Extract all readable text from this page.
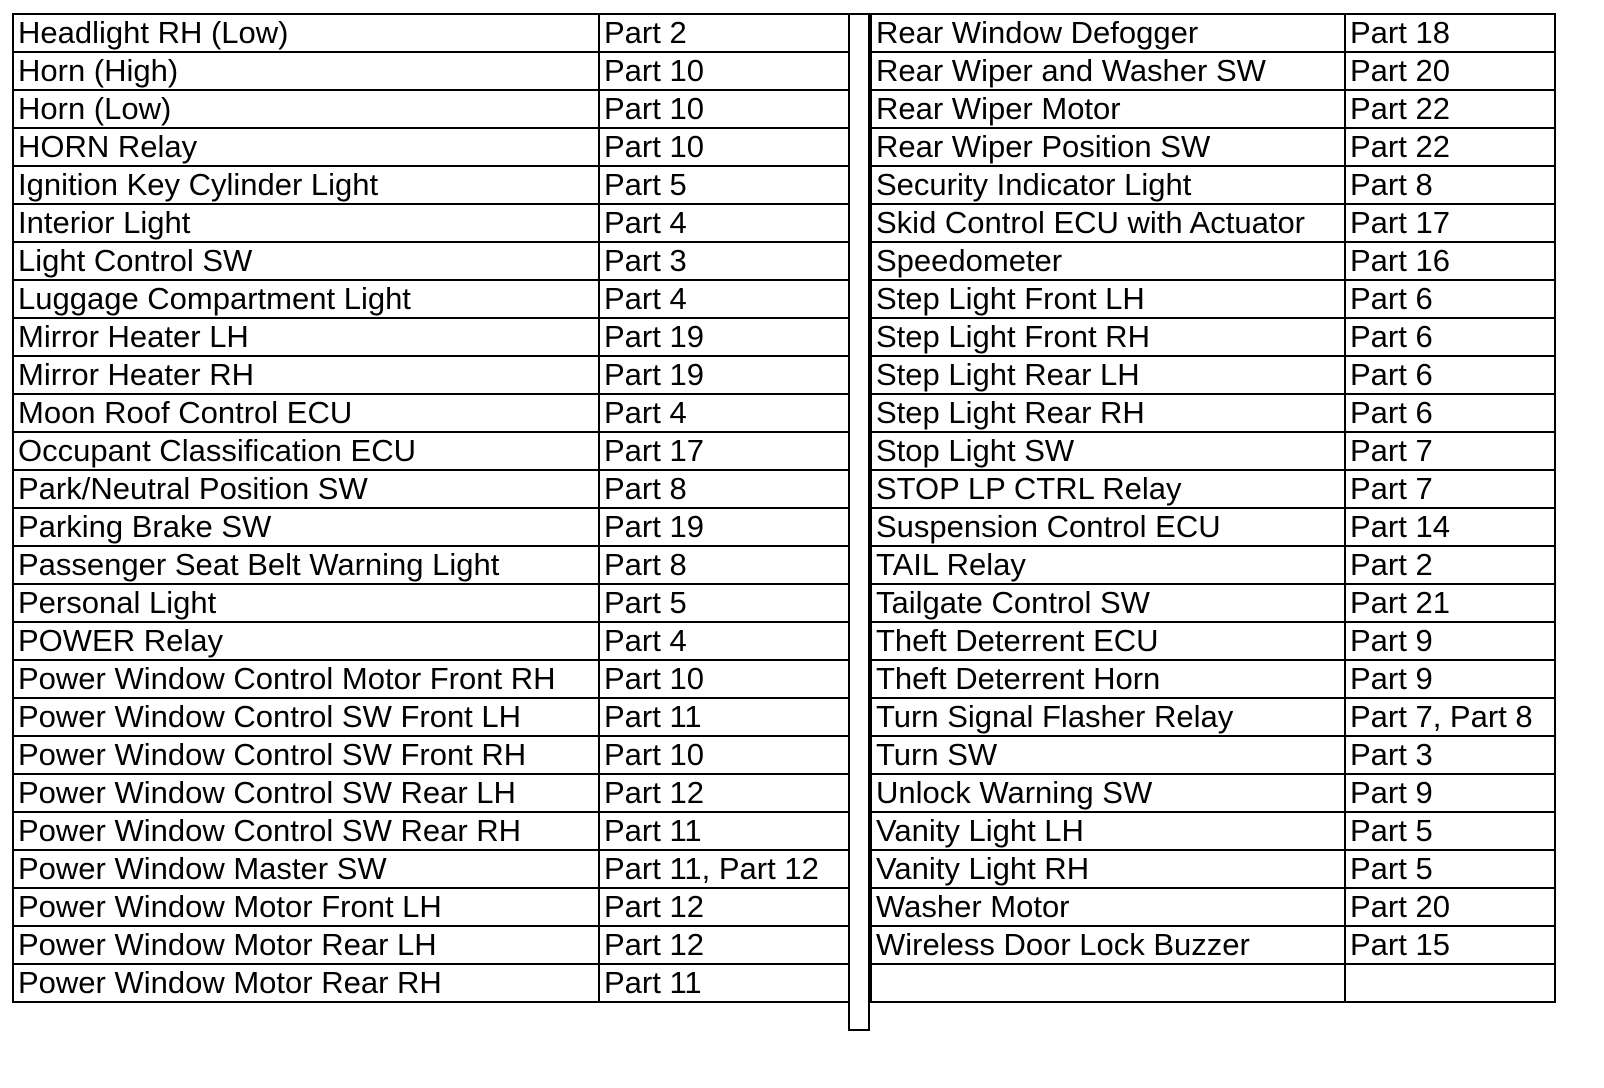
Headlight RH (Low)	Part 2
Horn (High)	Part 10
Horn (Low)	Part 10
HORN Relay	Part 10
Ignition Key Cylinder Light	Part 5
Interior Light	Part 4
Light Control SW	Part 3
Luggage Compartment Light	Part 4
Mirror Heater LH	Part 19
Mirror Heater RH	Part 19
Moon Roof Control ECU	Part 4
Occupant Classification ECU	Part 17
Park/Neutral Position SW	Part 8
Parking Brake SW	Part 19
Passenger Seat Belt Warning Light	Part 8
Personal Light	Part 5
POWER Relay	Part 4
Power Window Control Motor Front RH	Part 10
Power Window Control SW Front LH	Part 11
Power Window Control SW Front RH	Part 10
Power Window Control SW Rear LH	Part 12
Power Window Control SW Rear RH	Part 11
Power Window Master SW	Part 11, Part 12
Power Window Motor Front LH	Part 12
Power Window Motor Rear LH	Part 12
Power Window Motor Rear RH	Part 11
Rear Window Defogger	Part 18
Rear Wiper and Washer SW	Part 20
Rear Wiper Motor	Part 22
Rear Wiper Position SW	Part 22
Security Indicator Light	Part 8
Skid Control ECU with Actuator	Part 17
Speedometer	Part 16
Step Light Front LH	Part 6
Step Light Front RH	Part 6
Step Light Rear LH	Part 6
Step Light Rear RH	Part 6
Stop Light SW	Part 7
STOP LP CTRL Relay	Part 7
Suspension Control ECU	Part 14
TAIL Relay	Part 2
Tailgate Control SW	Part 21
Theft Deterrent ECU	Part 9
Theft Deterrent Horn	Part 9
Turn Signal Flasher Relay	Part 7, Part 8
Turn SW	Part 3
Unlock Warning SW	Part 9
Vanity Light LH	Part 5
Vanity Light RH	Part 5
Washer Motor	Part 20
Wireless Door Lock Buzzer	Part 15
